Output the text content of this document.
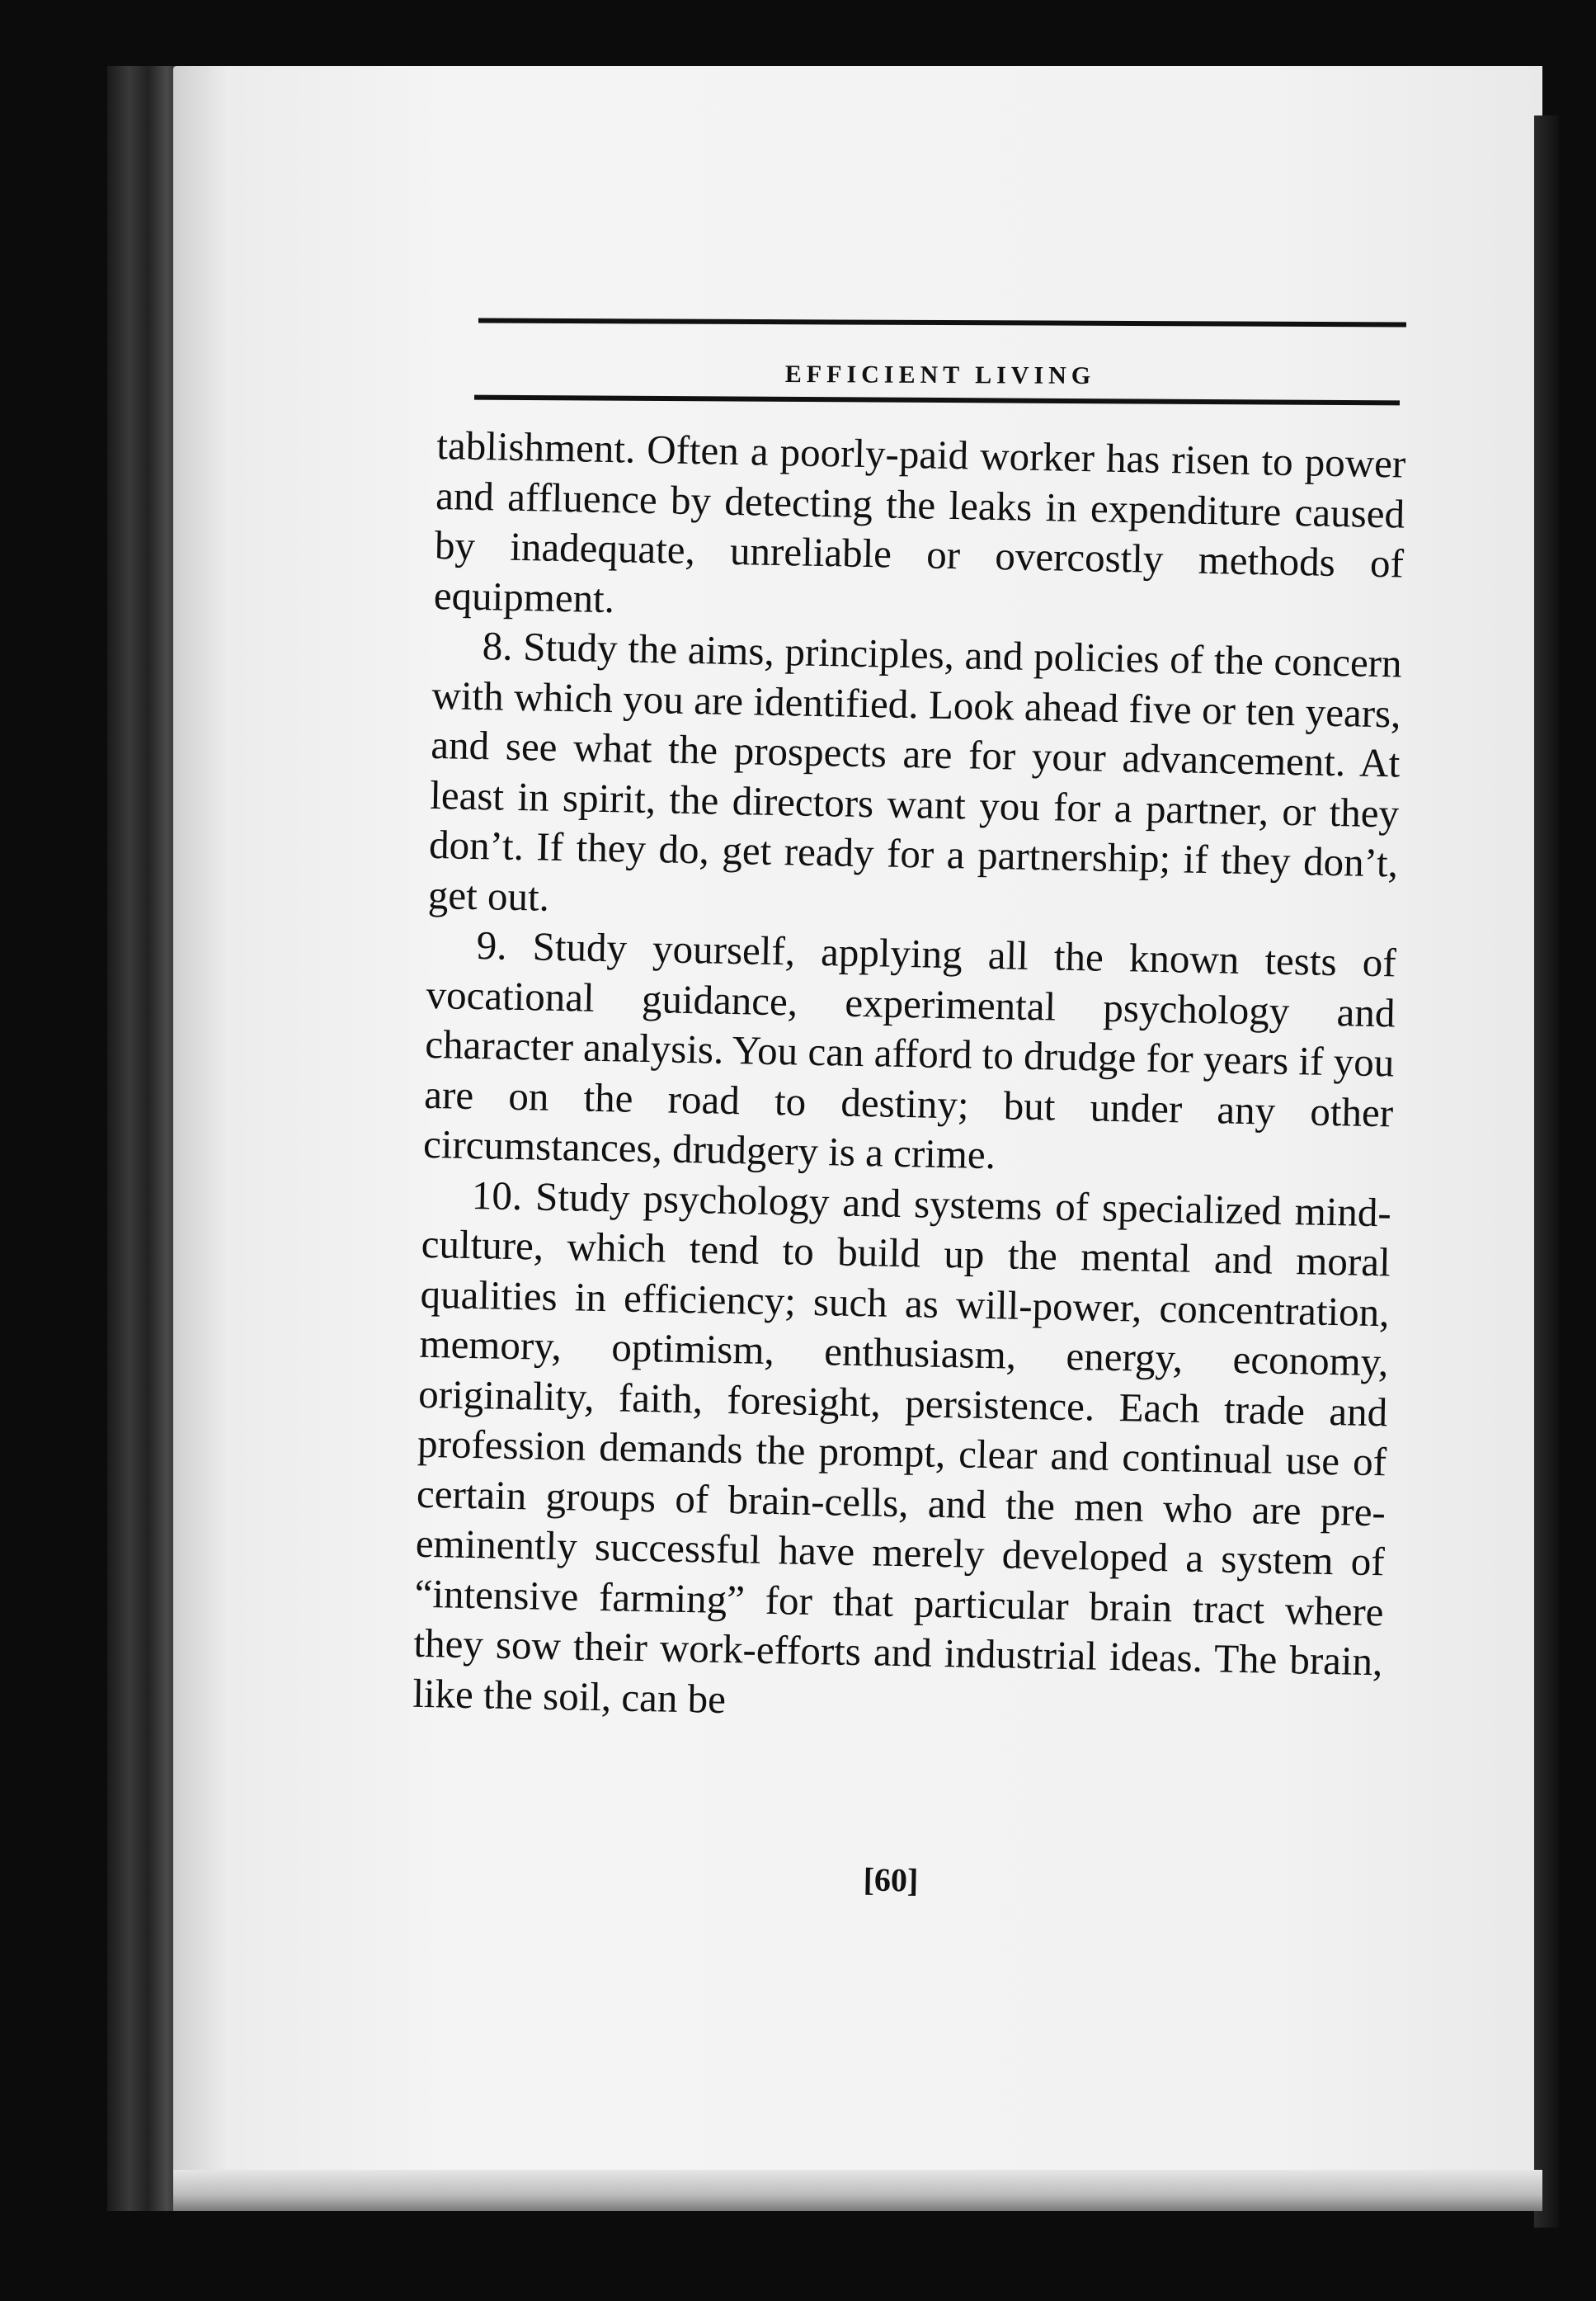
EFFICIENT LIVING

tablishment. Often a poorly-paid worker has risen to power and affluence by detecting the leaks in expenditure caused by inadequate, unreliable or overcostly methods of equipment.

8. Study the aims, principles, and policies of the concern with which you are identified. Look ahead five or ten years, and see what the prospects are for your advancement. At least in spirit, the directors want you for a partner, or they don’t. If they do, get ready for a partnership; if they don’t, get out.

9. Study yourself, applying all the known tests of vocational guidance, experimental psychology and character analysis. You can afford to drudge for years if you are on the road to destiny; but under any other circumstances, drudgery is a crime.

10. Study psychology and systems of specialized mind-culture, which tend to build up the mental and moral qualities in efficiency; such as will-power, concentration, memory, optimism, enthusiasm, energy, economy, originality, faith, foresight, persistence. Each trade and profession demands the prompt, clear and continual use of certain groups of brain-cells, and the men who are pre-eminently successful have merely developed a system of “intensive farming” for that particular brain tract where they sow their work-efforts and industrial ideas. The brain, like the soil, can be

[60]
